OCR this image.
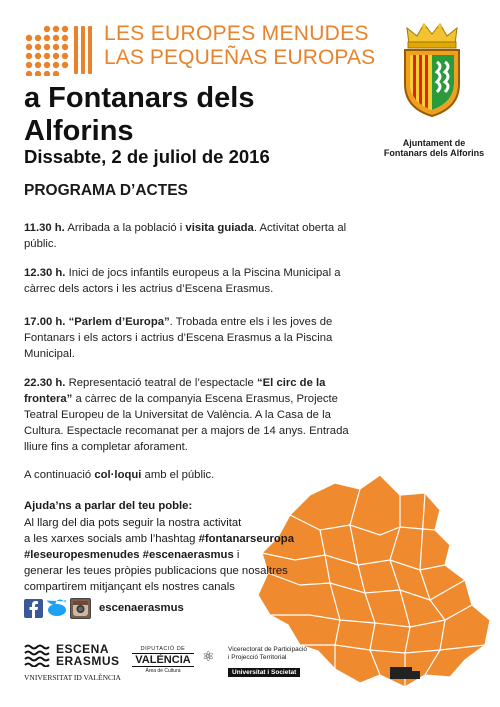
LES EUROPES MENUDES
LAS PEQUEÑAS EUROPAS
a Fontanars dels Alforins
Dissabte, 2 de juliol de 2016
Ajuntament de
Fontanars dels Alforins
PROGRAMA D’ACTES
11.30 h. Arribada a la població i visita guiada. Activitat oberta al públic.
12.30 h. Inici de jocs infantils europeus a la Piscina Municipal a càrrec dels actors i les actrius d’Escena Erasmus.
17.00 h. “Parlem d’Europa”. Trobada entre els i les joves de Fontanars i els actors i actrius d’Escena Erasmus a la Piscina Municipal.
22.30 h. Representació teatral de l’espectacle “El circ de la frontera” a càrrec de la companyia Escena Erasmus, Projecte Teatral Europeu de la Universitat de València. A la Casa de la Cultura. Espectacle recomanat per a majors de 14 anys. Entrada lliure fins a completar aforament.
A continuació col·loqui amb el públic.
Ajuda’ns a parlar del teu poble:
Al llarg del dia pots seguir la nostra activitat
a les xarxes socials amb l’hashtag #fontanarseuropa
#leseuropesmenudes #escenaerasmus i
generar les teues pròpies publicacions que nosaltres
compartirem mitjançant els nostres canals
escenaerasmus
ESCENA
ERASMUS
VNIVERSITAT ID VALÈNCIA
DIPUTACIÓ DE
VALÈNCIA
Àrea de Cultura
⚛ Vicerectorat de Participació
i Projecció Territorial
Universitat i Societat
